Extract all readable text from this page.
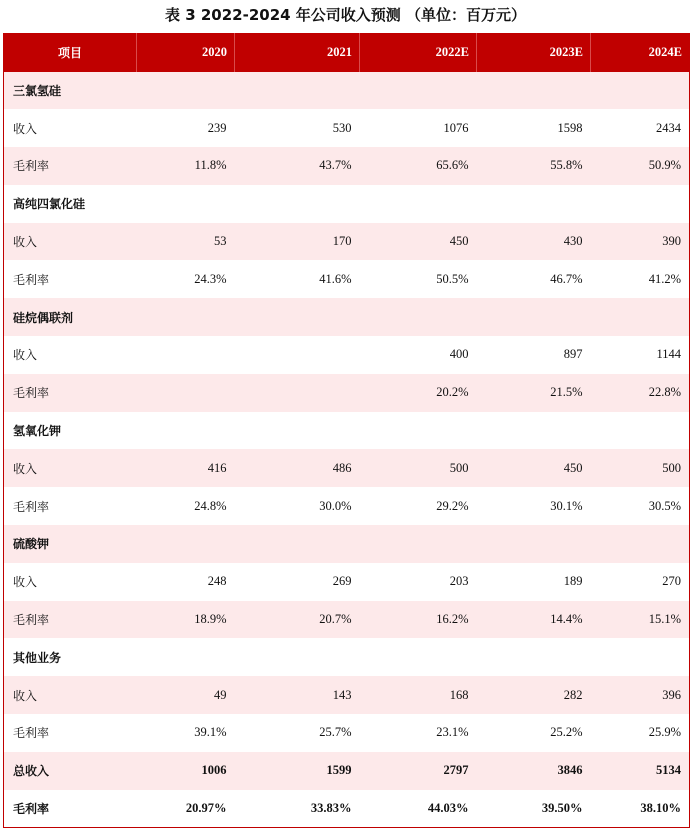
表 3 2022-2024 年公司收入预测 （单位：百万元）
项目	2020	2021	2022E	2023E	2024E
三氯氢硅					
收入	239	530	1076	1598	2434
毛利率	11.8%	43.7%	65.6%	55.8%	50.9%
高纯四氯化硅					
收入	53	170	450	430	390
毛利率	24.3%	41.6%	50.5%	46.7%	41.2%
硅烷偶联剂					
收入			400	897	1144
毛利率			20.2%	21.5%	22.8%
氢氧化钾					
收入	416	486	500	450	500
毛利率	24.8%	30.0%	29.2%	30.1%	30.5%
硫酸钾					
收入	248	269	203	189	270
毛利率	18.9%	20.7%	16.2%	14.4%	15.1%
其他业务					
收入	49	143	168	282	396
毛利率	39.1%	25.7%	23.1%	25.2%	25.9%
总收入	1006	1599	2797	3846	5134
毛利率	20.97%	33.83%	44.03%	39.50%	38.10%
